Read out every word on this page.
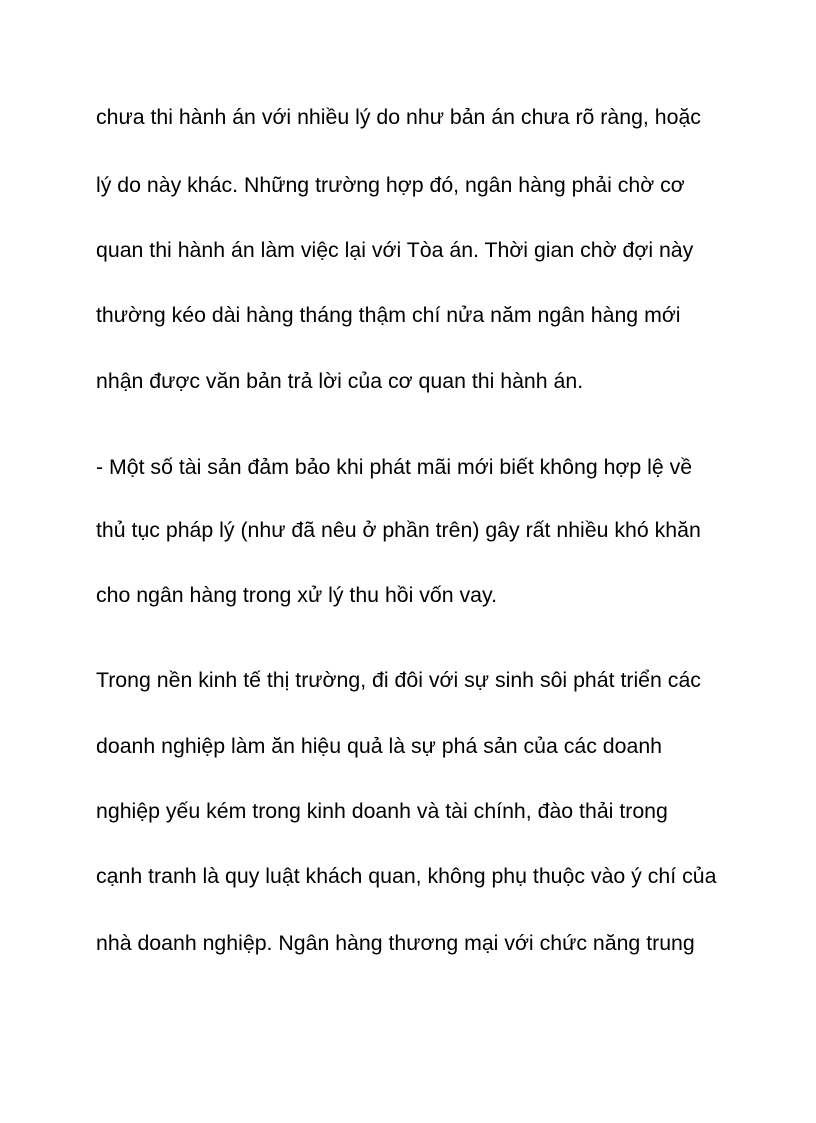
chưa thi hành án với nhiều lý do như bản án chưa rõ ràng, hoặc

lý do này khác. Những trường hợp đó, ngân hàng phải chờ cơ

quan thi hành án làm việc lại với Tòa án. Thời gian chờ đợi này

thường kéo dài hàng tháng thậm chí nửa năm ngân hàng mới

nhận được văn bản trả lời của cơ quan thi hành án.

- Một số tài sản đảm bảo khi phát mãi mới biết không hợp lệ về

thủ tục pháp lý (như đã nêu ở phần trên) gây rất nhiều khó khăn

cho ngân hàng trong xử lý thu hồi vốn vay.

Trong nền kinh tế thị trường, đi đôi với sự sinh sôi phát triển các

doanh nghiệp làm ăn hiệu quả là sự phá sản của các doanh

nghiệp yếu kém trong kinh doanh và tài chính, đào thải trong

cạnh tranh là quy luật khách quan, không phụ thuộc vào ý chí của

nhà doanh nghiệp. Ngân hàng thương mại với chức năng trung
